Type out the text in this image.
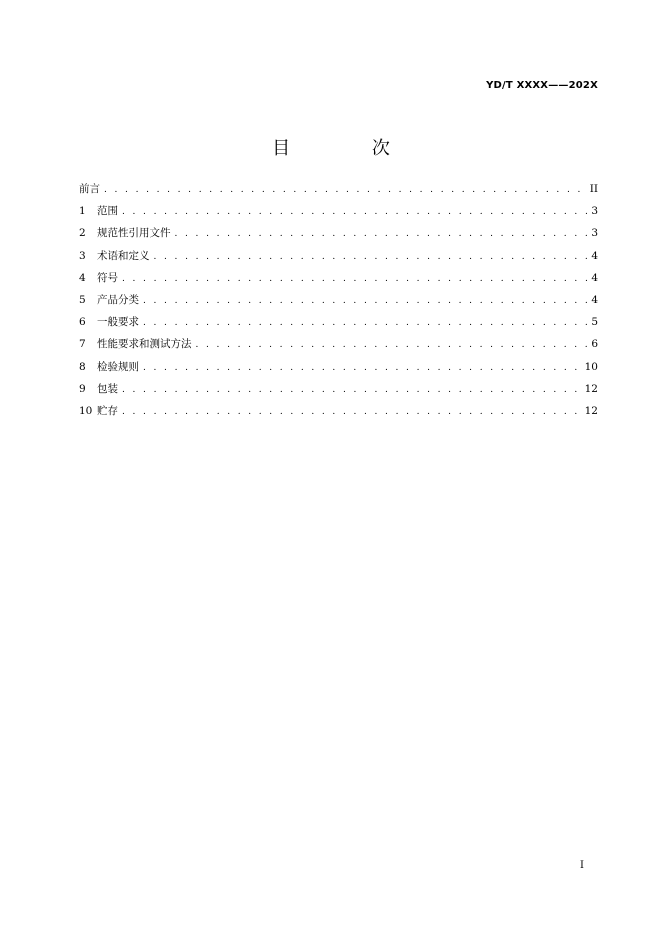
YD/T XXXX——202X
目 次
前言 . . .	II
1	范围 . . .	3
2	规范性引用文件 . . .	3
3	术语和定义 . . .	4
4	符号 . . .	4
5	产品分类 . . .	4
6	一般要求 . . .	5
7	性能要求和测试方法 . . .	6
8	检验规则 . . .	10
9	包装 . . .	12
10 贮存 . . .	12
I
